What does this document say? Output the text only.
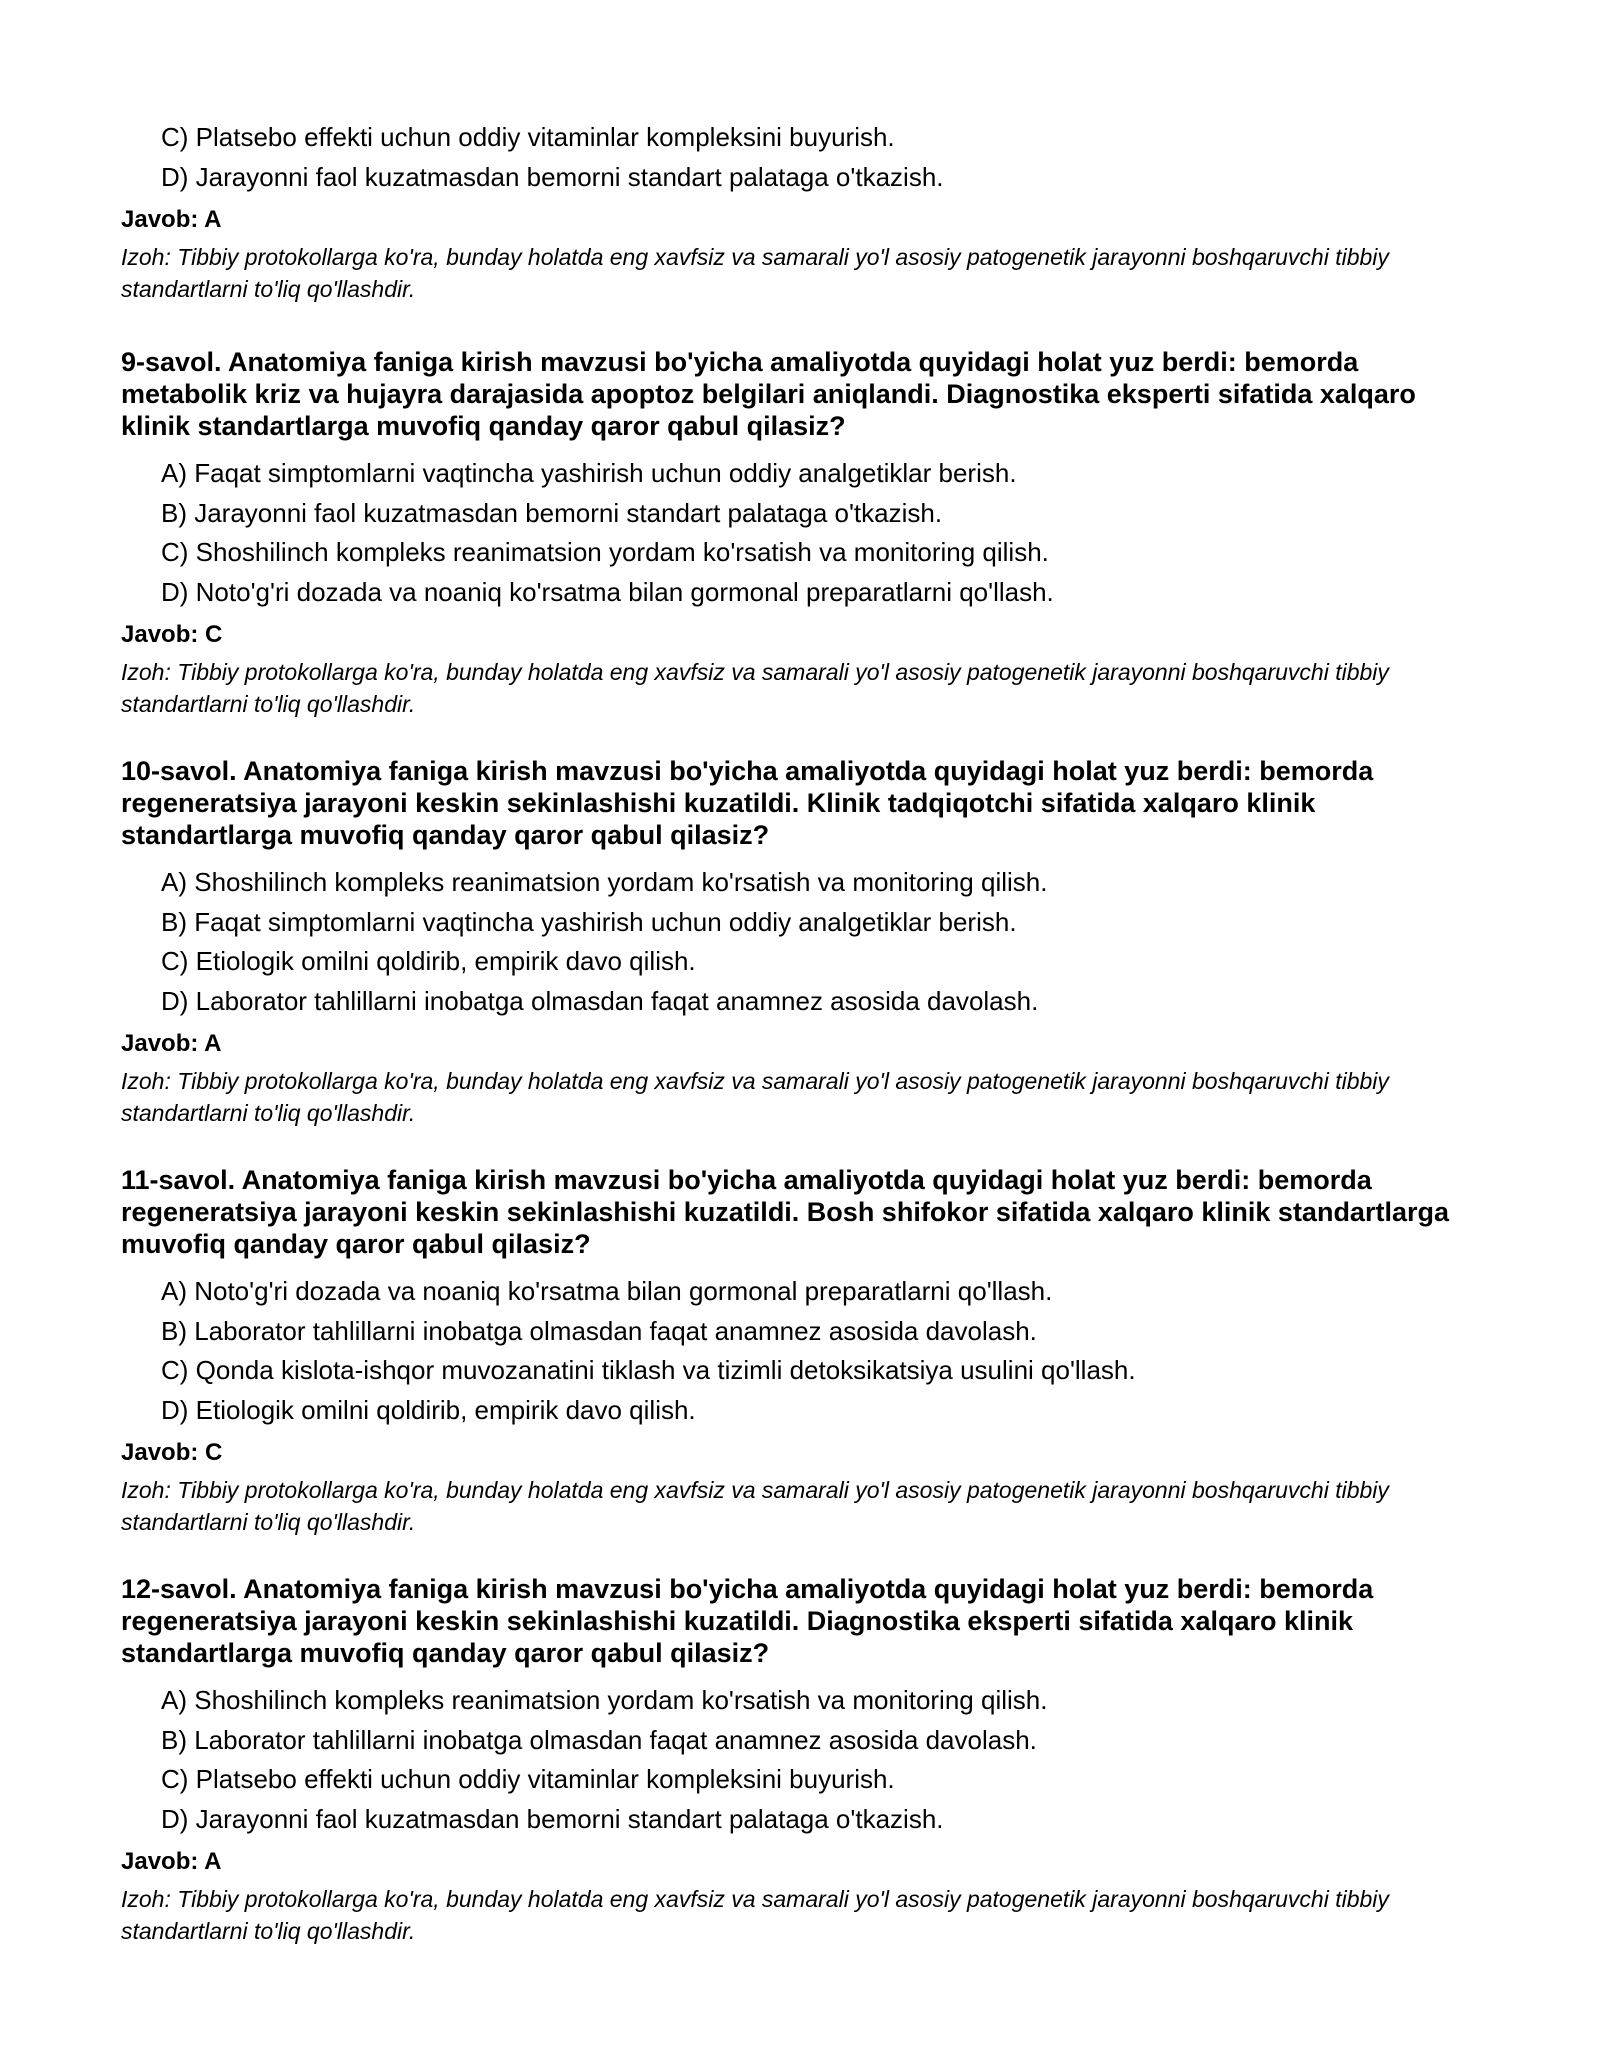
C) Platsebo effekti uchun oddiy vitaminlar kompleksini buyurish.
D) Jarayonni faol kuzatmasdan bemorni standart palataga o'tkazish.
Javob: A
Izoh: Tibbiy protokollarga ko'ra, bunday holatda eng xavfsiz va samarali yo'l asosiy patogenetik jarayonni boshqaruvchi tibbiy standartlarni to'liq qo'llashdir.
9-savol. Anatomiya faniga kirish mavzusi bo'yicha amaliyotda quyidagi holat yuz berdi: bemorda metabolik kriz va hujayra darajasida apoptoz belgilari aniqlandi. Diagnostika eksperti sifatida xalqaro klinik standartlarga muvofiq qanday qaror qabul qilasiz?
A) Faqat simptomlarni vaqtincha yashirish uchun oddiy analgetiklar berish.
B) Jarayonni faol kuzatmasdan bemorni standart palataga o'tkazish.
C) Shoshilinch kompleks reanimatsion yordam ko'rsatish va monitoring qilish.
D) Noto'g'ri dozada va noaniq ko'rsatma bilan gormonal preparatlarni qo'llash.
Javob: C
Izoh: Tibbiy protokollarga ko'ra, bunday holatda eng xavfsiz va samarali yo'l asosiy patogenetik jarayonni boshqaruvchi tibbiy standartlarni to'liq qo'llashdir.
10-savol. Anatomiya faniga kirish mavzusi bo'yicha amaliyotda quyidagi holat yuz berdi: bemorda regeneratsiya jarayoni keskin sekinlashishi kuzatildi. Klinik tadqiqotchi sifatida xalqaro klinik standartlarga muvofiq qanday qaror qabul qilasiz?
A) Shoshilinch kompleks reanimatsion yordam ko'rsatish va monitoring qilish.
B) Faqat simptomlarni vaqtincha yashirish uchun oddiy analgetiklar berish.
C) Etiologik omilni qoldirib, empirik davo qilish.
D) Laborator tahlillarni inobatga olmasdan faqat anamnez asosida davolash.
Javob: A
Izoh: Tibbiy protokollarga ko'ra, bunday holatda eng xavfsiz va samarali yo'l asosiy patogenetik jarayonni boshqaruvchi tibbiy standartlarni to'liq qo'llashdir.
11-savol. Anatomiya faniga kirish mavzusi bo'yicha amaliyotda quyidagi holat yuz berdi: bemorda regeneratsiya jarayoni keskin sekinlashishi kuzatildi. Bosh shifokor sifatida xalqaro klinik standartlarga muvofiq qanday qaror qabul qilasiz?
A) Noto'g'ri dozada va noaniq ko'rsatma bilan gormonal preparatlarni qo'llash.
B) Laborator tahlillarni inobatga olmasdan faqat anamnez asosida davolash.
C) Qonda kislota-ishqor muvozanatini tiklash va tizimli detoksikatsiya usulini qo'llash.
D) Etiologik omilni qoldirib, empirik davo qilish.
Javob: C
Izoh: Tibbiy protokollarga ko'ra, bunday holatda eng xavfsiz va samarali yo'l asosiy patogenetik jarayonni boshqaruvchi tibbiy standartlarni to'liq qo'llashdir.
12-savol. Anatomiya faniga kirish mavzusi bo'yicha amaliyotda quyidagi holat yuz berdi: bemorda regeneratsiya jarayoni keskin sekinlashishi kuzatildi. Diagnostika eksperti sifatida xalqaro klinik standartlarga muvofiq qanday qaror qabul qilasiz?
A) Shoshilinch kompleks reanimatsion yordam ko'rsatish va monitoring qilish.
B) Laborator tahlillarni inobatga olmasdan faqat anamnez asosida davolash.
C) Platsebo effekti uchun oddiy vitaminlar kompleksini buyurish.
D) Jarayonni faol kuzatmasdan bemorni standart palataga o'tkazish.
Javob: A
Izoh: Tibbiy protokollarga ko'ra, bunday holatda eng xavfsiz va samarali yo'l asosiy patogenetik jarayonni boshqaruvchi tibbiy standartlarni to'liq qo'llashdir.
